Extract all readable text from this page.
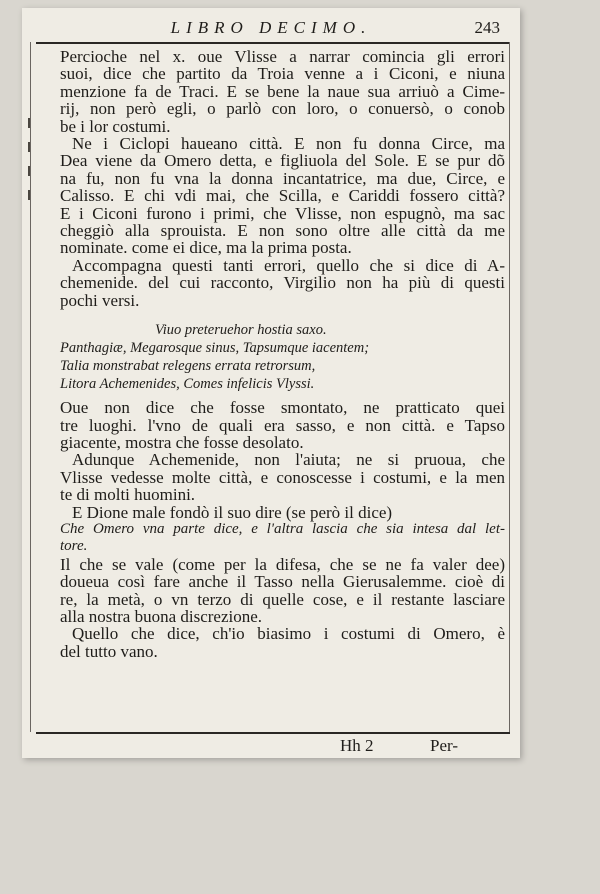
LIBRO DECIMO.	243
Percioche nel x. oue Vlisse a narrar comincia gli errori
suoi, dice che partito da Troia venne a i Ciconi, e niuna
menzione fa de Traci. E se bene la naue sua arriuò a Cime-
rij, non però egli, o parlò con loro, o conuersò, o conob
be i lor costumi.
Ne i Ciclopi haueano città. E non fu donna Circe, ma
Dea viene da Omero detta, e figliuola del Sole. E se pur dõ
na fu, non fu vna la donna incantatrice, ma due, Circe, e
Calisso. E chi vdi mai, che Scilla, e Cariddi fossero città?
E i Ciconi furono i primi, che Vlisse, non espugnò, ma sac
cheggiò alla sprouista. E non sono oltre alle città da me
nominate. come ei dice, ma la prima posta.
Accompagna questi tanti errori, quello che si dice di A-
chemenide. del cui racconto, Virgilio non ha più di questi
pochi versi.
Viuo preteruehor hostia saxo.
Panthagiæ, Megarosque sinus, Tapsumque iacentem;
Talia monstrabat relegens errata retrorsum,
Litora Achemenides, Comes infelicis Vlyssi.
Oue non dice che fosse smontato, ne pratticato quei
tre luoghi. l'vno de quali era sasso, e non città. e Tapso
giacente, mostra che fosse desolato.
Adunque Achemenide, non l'aiuta; ne si pruoua, che
Vlisse vedesse molte città, e conoscesse i costumi, e la men
te di molti huomini.
E Dione male fondò il suo dire (se però il dice)
Che Omero vna parte dice, e l'altra lascia che sia intesa dal let-
tore.
Il che se vale (come per la difesa, che se ne fa valer dee)
doueua così fare anche il Tasso nella Gierusalemme. cioè di
re, la metà, o vn terzo di quelle cose, e il restante lasciare
alla nostra buona discrezione.
Quello che dice, ch'io biasimo i costumi di Omero, è
del tutto vano.
Hh 2	Per-
